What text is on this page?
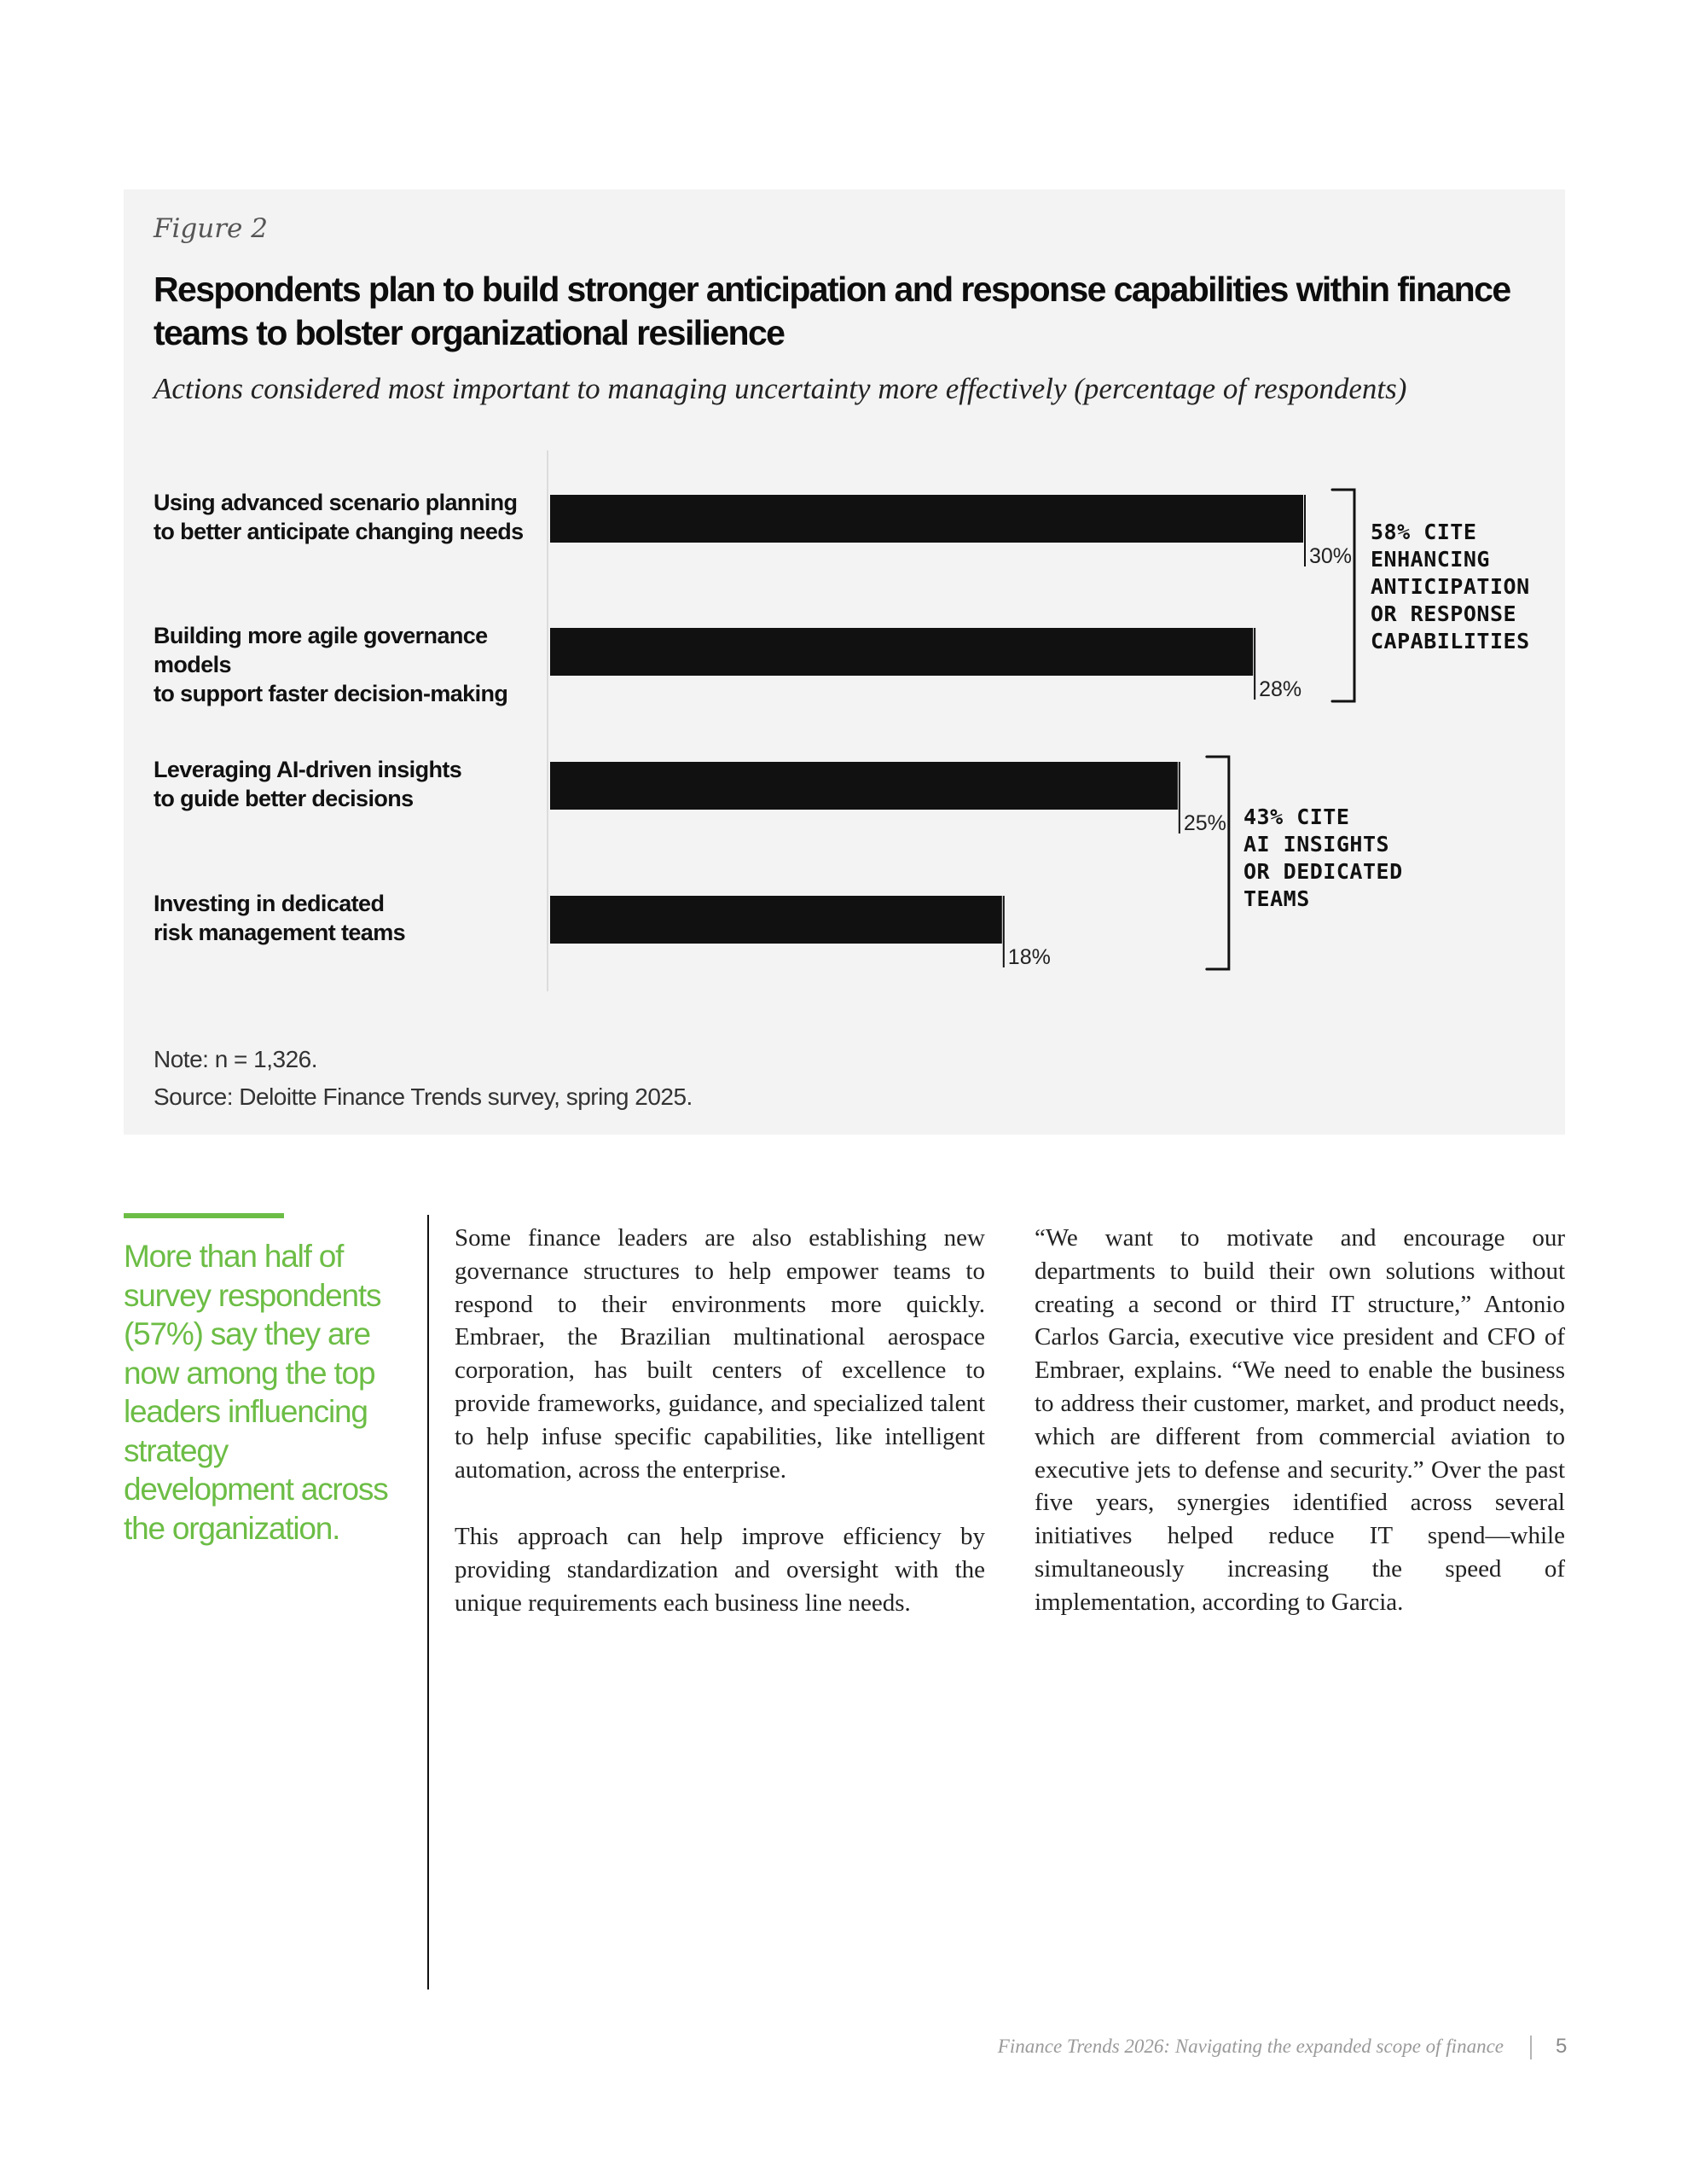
Figure 2
Respondents plan to build stronger anticipation and response capabilities within finance teams to bolster organizational resilience
Actions considered most important to managing uncertainty more effectively (percentage of respondents)
30%
28%
25%
18%
Using advanced scenario planning
to better anticipate changing needs
Building more agile governance models
to support faster decision-making
Leveraging AI-driven insights
to guide better decisions
Investing in dedicated
risk management teams
58% CITE
ENHANCING
ANTICIPATION
OR RESPONSE
CAPABILITIES
43% CITE
AI INSIGHTS
OR DEDICATED
TEAMS
Note: n = 1,326.
Source: Deloitte Finance Trends survey, spring 2025.
More than half of survey respondents (57%) say they are now among the top leaders influencing strategy development across the organization.

Some finance leaders are also establishing new governance structures to help empower teams to respond to their environments more quickly. Embraer, the Brazilian multinational aerospace corporation, has built centers of excellence to provide frameworks, guidance, and specialized talent to help infuse specific capabilities, like intelligent automation, across the enterprise.

This approach can help improve efficiency by providing standardization and oversight with the unique requirements each business line needs.

“We want to motivate and encourage our departments to build their own solutions without creating a second or third IT structure,” Antonio Carlos Garcia, executive vice president and CFO of Embraer, explains. “We need to enable the business to address their customer, market, and product needs, which are different from commercial aviation to executive jets to defense and security.” Over the past five years, synergies identified across several initiatives helped reduce IT spend—while simultaneously increasing the speed of implementation, according to Garcia.

Finance Trends 2026: Navigating the expanded scope of finance	5
